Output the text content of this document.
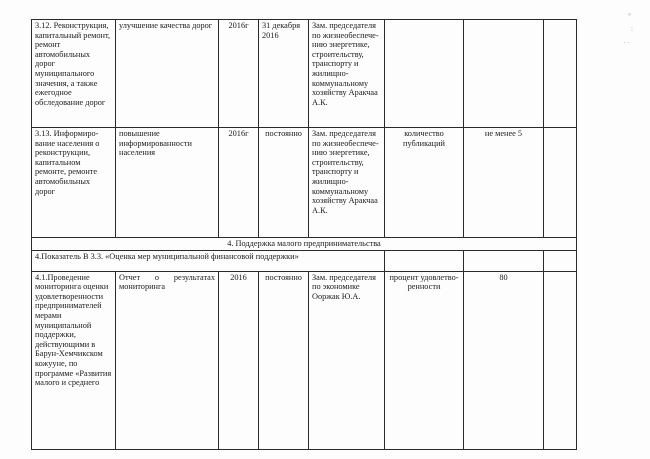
°
:
. .
3.12. Реконструкция, капитальный ремонт, ремонт автомобильных дорог муниципального значения, а также ежегодное обследование дорог	улучшение качества дорог	2016г	31 декабря 2016	Зам. председателя по жизнеобеспече-нию энергетике, строительству, транспорту и жилищно-коммунальному хозяйству Аракчаа А.К.			
3.13. Информиро-вание населения о реконструкции, капитальном ремонте, ремонте автомобильных дорог	повышение информированности населения	2016г	постоянно	Зам. председателя по жизнеобеспече-нию энергетике, строительству, транспорту и жилищно-коммунальному хозяйству Аракчаа А.К.	количество публикаций	не менее 5	
4. Поддержка малого предпринимательства							
4.Показатель В 3.3. «Оценка мер муниципальной финансовой поддержки»							
4.1.Проведение мониторинга оценки удовлетворенности предпринимателей мерами муниципальной поддержки, действующими в Барун-Хемчикском кожууне, по программе «Развития малого и среднего	Отчет о результатах мониторинга	2016	постоянно	Зам. председателя по экономике Ооржак Ю.А.	процент удовлетво-ренности	80	
